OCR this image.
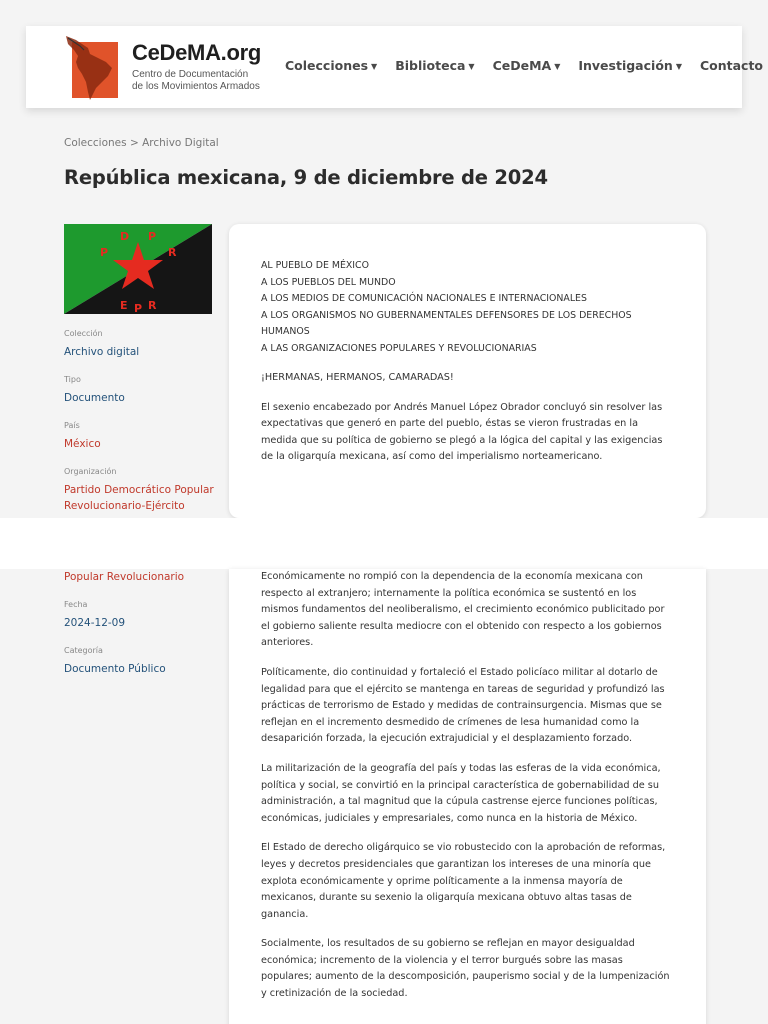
CeDeMA.org
Centro de Documentación
de los Movimientos Armados
Colecciones ▼ Biblioteca ▼ CeDeMA ▼ Investigación ▼ Contacto
Colecciones > Archivo Digital
República mexicana, 9 de diciembre de 2024
P
D P
R
E P R
Colección
Archivo digital
Tipo
Documento
País
México
Organización
Partido Democrático Popular
Revolucionario-Ejército
AL PUEBLO DE MÉXICO
A LOS PUEBLOS DEL MUNDO
A LOS MEDIOS DE COMUNICACIÓN NACIONALES E INTERNACIONALES
A LOS ORGANISMOS NO GUBERNAMENTALES DEFENSORES DE LOS DERECHOS
HUMANOS
A LAS ORGANIZACIONES POPULARES Y REVOLUCIONARIAS

¡HERMANAS, HERMANOS, CAMARADAS!

El sexenio encabezado por Andrés Manuel López Obrador concluyó sin resolver las expectativas que generó en parte del pueblo, éstas se vieron frustradas en la medida que su política de gobierno se plegó a la lógica del capital y las exigencias de la oligarquía mexicana, así como del imperialismo norteamericano.

Popular Revolucionario
Fecha
2024-12-09
Categoría
Documento Público

Económicamente no rompió con la dependencia de la economía mexicana con respecto al extranjero; internamente la política económica se sustentó en los mismos fundamentos del neoliberalismo, el crecimiento económico publicitado por el gobierno saliente resulta mediocre con el obtenido con respecto a los gobiernos anteriores.

Políticamente, dio continuidad y fortaleció el Estado policíaco militar al dotarlo de legalidad para que el ejército se mantenga en tareas de seguridad y profundizó las prácticas de terrorismo de Estado y medidas de contrainsurgencia. Mismas que se reflejan en el incremento desmedido de crímenes de lesa humanidad como la desaparición forzada, la ejecución extrajudicial y el desplazamiento forzado.

La militarización de la geografía del país y todas las esferas de la vida económica, política y social, se convirtió en la principal característica de gobernabilidad de su administración, a tal magnitud que la cúpula castrense ejerce funciones políticas, económicas, judiciales y empresariales, como nunca en la historia de México.

El Estado de derecho oligárquico se vio robustecido con la aprobación de reformas, leyes y decretos presidenciales que garantizan los intereses de una minoría que explota económicamente y oprime políticamente a la inmensa mayoría de mexicanos, durante su sexenio la oligarquía mexicana obtuvo altas tasas de ganancia.

Socialmente, los resultados de su gobierno se reflejan en mayor desigualdad económica; incremento de la violencia y el terror burgués sobre las masas populares; aumento de la descomposición, pauperismo social y de la lumpenización y cretinización de la sociedad.
